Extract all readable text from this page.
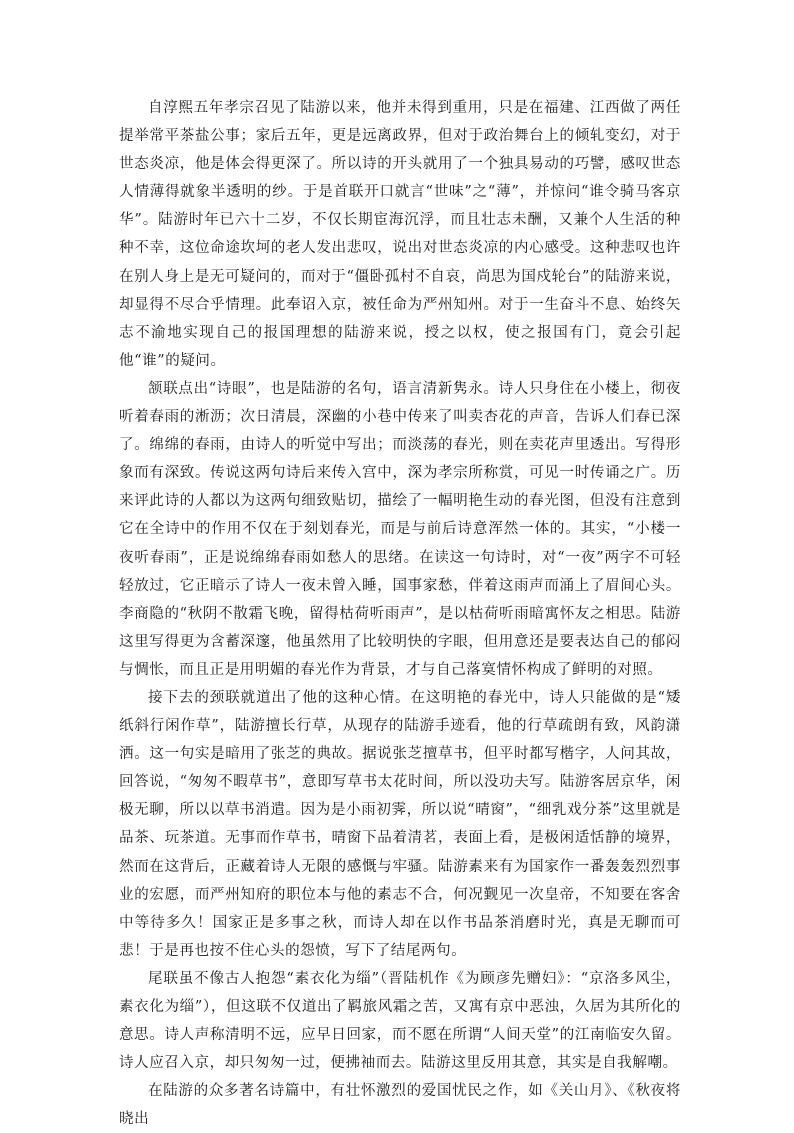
自淳熙五年孝宗召见了陆游以来，他并未得到重用，只是在福建、江西做了两任提举常平茶盐公事；家后五年，更是远离政界，但对于政治舞台上的倾轧变幻，对于世态炎凉，他是体会得更深了。所以诗的开头就用了一个独具易动的巧譬，感叹世态人情薄得就象半透明的纱。于是首联开口就言“世味”之“薄”，并惊问“谁令骑马客京华”。陆游时年已六十二岁，不仅长期宦海沉浮，而且壮志未酬，又兼个人生活的种种不幸，这位命途坎坷的老人发出悲叹，说出对世态炎凉的内心感受。这种悲叹也许在别人身上是无可疑问的，而对于“僵卧孤村不自哀，尚思为国戍轮台”的陆游来说，却显得不尽合乎情理。此奉诏入京，被任命为严州知州。对于一生奋斗不息、始终矢志不渝地实现自己的报国理想的陆游来说，授之以权，使之报国有门，竟会引起他“谁”的疑问。

颔联点出“诗眼”，也是陆游的名句，语言清新隽永。诗人只身住在小楼上，彻夜听着春雨的淅沥；次日清晨，深幽的小巷中传来了叫卖杏花的声音，告诉人们春已深了。绵绵的春雨，由诗人的听觉中写出；而淡荡的春光，则在卖花声里透出。写得形象而有深致。传说这两句诗后来传入宫中，深为孝宗所称赏，可见一时传诵之广。历来评此诗的人都以为这两句细致贴切，描绘了一幅明艳生动的春光图，但没有注意到它在全诗中的作用不仅在于刻划春光，而是与前后诗意浑然一体的。其实，“小楼一夜听春雨”，正是说绵绵春雨如愁人的思绪。在读这一句诗时，对“一夜”两字不可轻轻放过，它正暗示了诗人一夜未曾入睡，国事家愁，伴着这雨声而涌上了眉间心头。李商隐的“秋阴不散霜飞晚，留得枯荷听雨声”，是以枯荷听雨暗寓怀友之相思。陆游这里写得更为含蓄深邃，他虽然用了比较明快的字眼，但用意还是要表达自己的郁闷与惆怅，而且正是用明媚的春光作为背景，才与自己落寞情怀构成了鲜明的对照。

接下去的颈联就道出了他的这种心情。在这明艳的春光中，诗人只能做的是“矮纸斜行闲作草”，陆游擅长行草，从现存的陆游手迹看，他的行草疏朗有致，风韵潇洒。这一句实是暗用了张芝的典故。据说张芝擅草书，但平时都写楷字，人问其故，回答说，“匆匆不暇草书”，意即写草书太花时间，所以没功夫写。陆游客居京华，闲极无聊，所以以草书消遣。因为是小雨初霁，所以说“晴窗”，“细乳戏分茶”这里就是品茶、玩茶道。无事而作草书，晴窗下品着清茗，表面上看，是极闲适恬静的境界，然而在这背后，正藏着诗人无限的感慨与牢骚。陆游素来有为国家作一番轰轰烈烈事业的宏愿，而严州知府的职位本与他的素志不合，何况觐见一次皇帝，不知要在客舍中等待多久！国家正是多事之秋，而诗人却在以作书品茶消磨时光，真是无聊而可悲！于是再也按不住心头的怨愤，写下了结尾两句。

尾联虽不像古人抱怨“素衣化为缁”（晋陆机作《为顾彦先赠妇》：“京洛多风尘，素衣化为缁”），但这联不仅道出了羁旅风霜之苦，又寓有京中恶浊，久居为其所化的意思。诗人声称清明不远，应早日回家，而不愿在所谓“人间天堂”的江南临安久留。诗人应召入京，却只匆匆一过，便拂袖而去。陆游这里反用其意，其实是自我解嘲。

在陆游的众多著名诗篇中，有壮怀激烈的爱国忧民之作，如《关山月》、《秋夜将晓出
